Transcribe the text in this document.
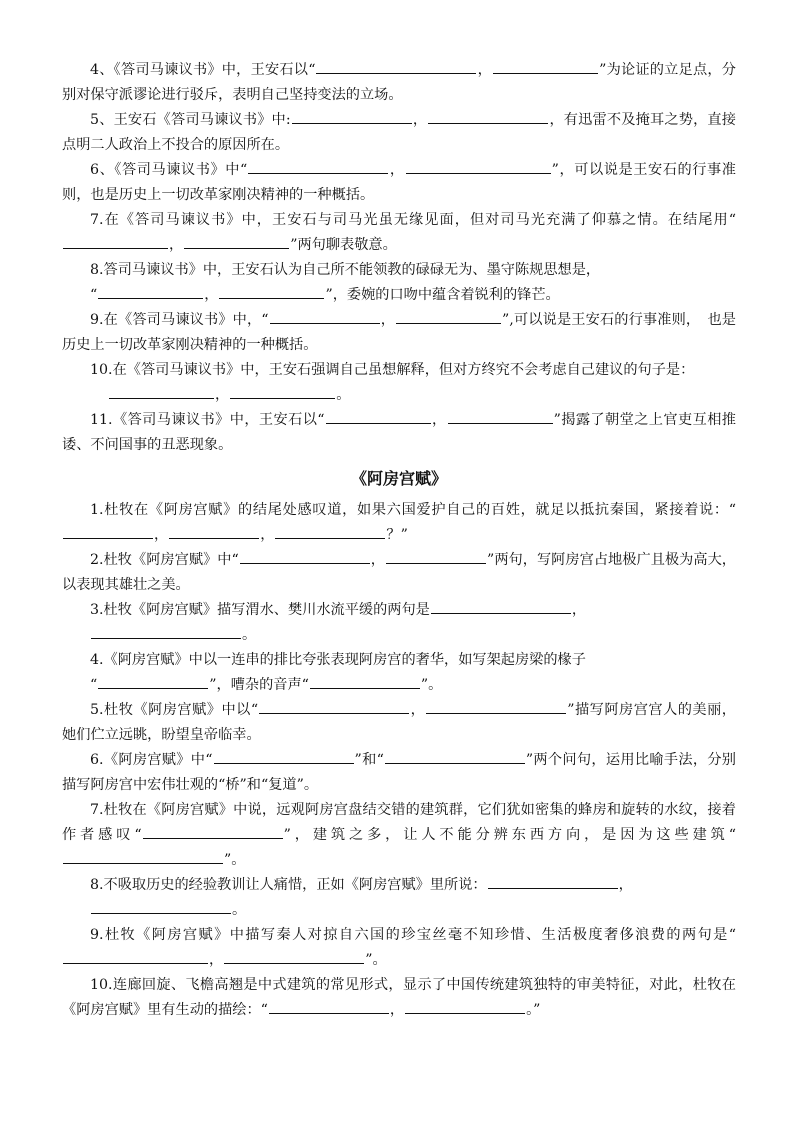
4、《答司马谏议书》中，王安石以“	，	”为论证的立足点，分别对保守派谬论进行驳斥，表明自己坚持变法的立场。

5、王安石《答司马谏议书》中:	，	，有迅雷不及掩耳之势，直接点明二人政治上不投合的原因所在。

6、《答司马谏议书》中“	，	”，可以说是王安石的行事准则，也是历史上一切改革家刚决精神的一种概括。

7.在《答司马谏议书》中，王安石与司马光虽无缘见面，但对司马光充满了仰慕之情。在结尾用“，	”两句聊表敬意。

8.答司马谏议书》中，王安石认为自己所不能领教的碌碌无为、墨守陈规思想是，
“	，	”，委婉的口吻中蕴含着锐利的锋芒。

9.在《答司马谏议书》中，“	，	”,可以说是王安石的行事准则，　也是历史上一切改革家刚决精神的一种概括。

10.在《答司马谏议书》中，王安石强调自己虽想解释，但对方终究不会考虑自己建议的句子是：
，	。

11.《答司马谏议书》中，王安石以“	，	”揭露了朝堂之上官吏互相推诿、不问国事的丑恶现象。

《阿房宫赋》

1.杜牧在《阿房宫赋》的结尾处感叹道，如果六国爱护自己的百姓，就足以抵抗秦国，紧接着说：“，	，	？”

2.杜牧《阿房宫赋》中“	，	”两句，写阿房宫占地极广且极为高大，以表现其雄壮之美。

3.杜牧《阿房宫赋》描写渭水、樊川水流平缓的两句是	，
。

4.《阿房宫赋》中以一连串的排比夸张表现阿房宫的奢华，如写架起房梁的椽子
“	”，嘈杂的音声“	”。

5.杜牧《阿房宫赋》中以“	，	”描写阿房宫宫人的美丽，她们伫立远眺，盼望皇帝临幸。

6.《阿房宫赋》中“	”和“	”两个问句，运用比喻手法，分别描写阿房宫中宏伟壮观的“桥”和“复道”。

7.杜牧在《阿房宫赋》中说，远观阿房宫盘结交错的建筑群，它们犹如密集的蜂房和旋转的水纹，接着作者感叹“	”，建筑之多，让人不能分辨东西方向，是因为这些建筑“”。

8.不吸取历史的经验教训让人痛惜，正如《阿房宫赋》里所说：	，
。

9.杜牧《阿房宫赋》中描写秦人对掠自六国的珍宝丝毫不知珍惜、生活极度奢侈浪费的两句是“，	”。

10.连廊回旋、飞檐高翘是中式建筑的常见形式，显示了中国传统建筑独特的审美特征，对此，杜牧在《阿房宫赋》里有生动的描绘：“	，	。”
